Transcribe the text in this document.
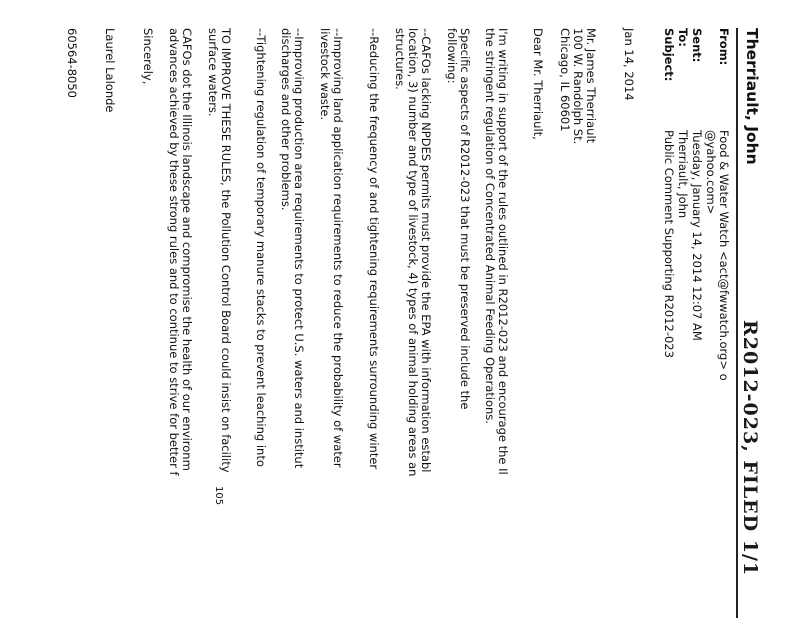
R2012-023, FILED 1/1
Therriault, John
From:
Food & Water Watch <act@fwwatch.org> o
@yahoo.com>
Sent:
Tuesday, January 14, 2014 12:07 AM
To:
Therriault, John
Subject:
Public Comment Supporting R2012-023
Jan 14, 2014
Mr. James Therriault
100 W. Randolph St.
Chicago, IL 60601
Dear Mr. Therriault,
I'm writing in support of the rules outlined in R2012-023 and encourage the Il
the stringent regulation of Concentrated Animal Feeding Operations.
Specific aspects of R2012-023 that must be preserved include the
following:
--CAFOs lacking NPDES permits must provide the EPA with information establ
location, 3) number and type of livestock, 4) types of animal holding areas an
structures.
--Reducing the frequency of and tightening requirements surrounding winter
--Improving land application requirements to reduce the probability of water
livestock waste.
--Improving production area requirements to protect U.S. waters and institut
discharges and other problems.
--Tightening regulation of temporary manure stacks to prevent leaching into
TO IMPROVE THESE RULES, the Pollution Control Board could insist on facility
surface waters.
CAFOs dot the Illinois landscape and compromise the health of our environm
advances achieved by these strong rules and to continue to strive for better f
Sincerely,
Laurel Lalonde
60564-8050
105
